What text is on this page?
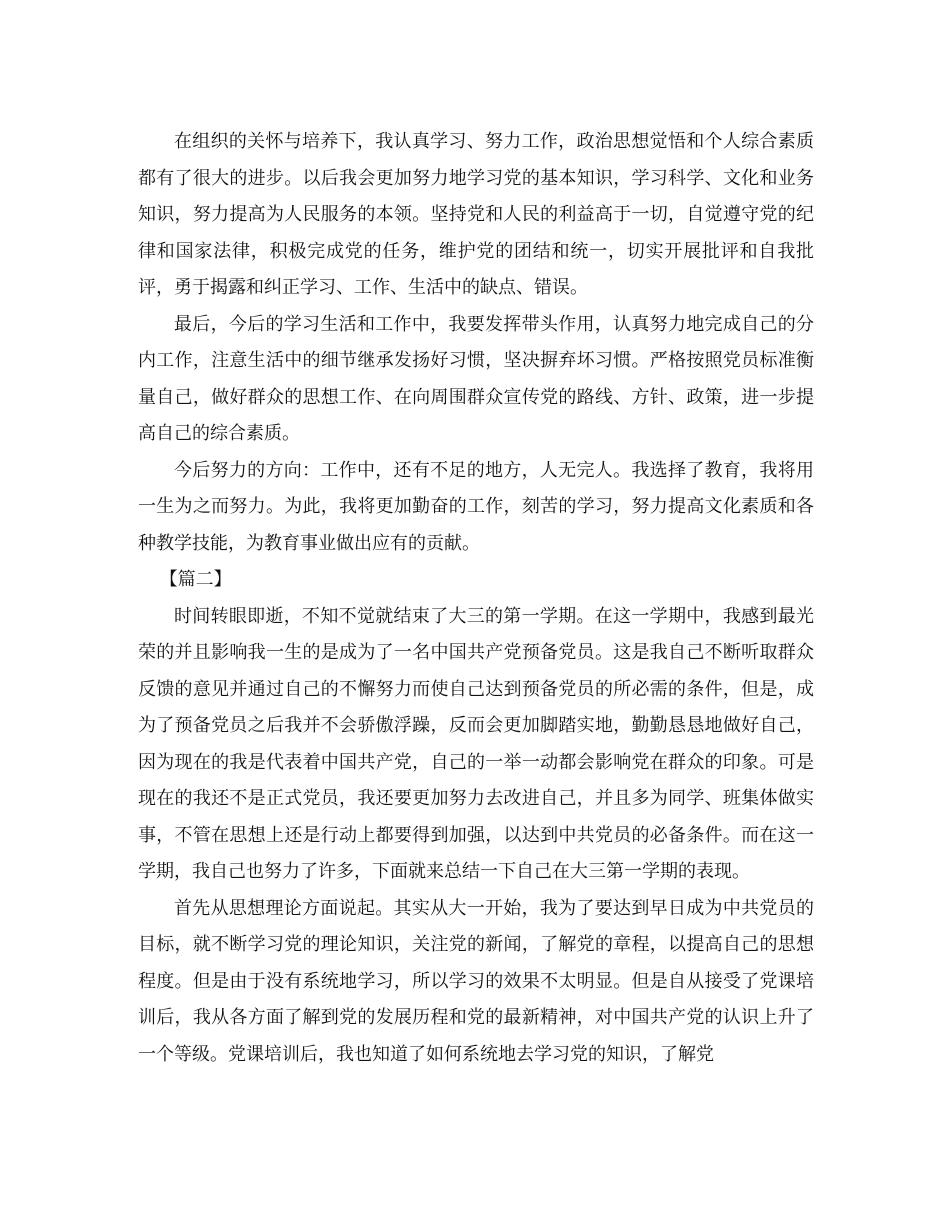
在组织的关怀与培养下，我认真学习、努力工作，政治思想觉悟和个人综合素质都有了很大的进步。以后我会更加努力地学习党的基本知识，学习科学、文化和业务知识，努力提高为人民服务的本领。坚持党和人民的利益高于一切，自觉遵守党的纪律和国家法律，积极完成党的任务，维护党的团结和统一，切实开展批评和自我批评，勇于揭露和纠正学习、工作、生活中的缺点、错误。

最后，今后的学习生活和工作中，我要发挥带头作用，认真努力地完成自己的分内工作，注意生活中的细节继承发扬好习惯，坚决摒弃坏习惯。严格按照党员标准衡量自己，做好群众的思想工作、在向周围群众宣传党的路线、方针、政策，进一步提高自己的综合素质。

今后努力的方向：工作中，还有不足的地方，人无完人。我选择了教育，我将用一生为之而努力。为此，我将更加勤奋的工作，刻苦的学习，努力提高文化素质和各种教学技能，为教育事业做出应有的贡献。

【篇二】

时间转眼即逝，不知不觉就结束了大三的第一学期。在这一学期中，我感到最光荣的并且影响我一生的是成为了一名中国共产党预备党员。这是我自己不断听取群众反馈的意见并通过自己的不懈努力而使自己达到预备党员的所必需的条件，但是，成为了预备党员之后我并不会骄傲浮躁，反而会更加脚踏实地，勤勤恳恳地做好自己，因为现在的我是代表着中国共产党，自己的一举一动都会影响党在群众的印象。可是现在的我还不是正式党员，我还要更加努力去改进自己，并且多为同学、班集体做实事，不管在思想上还是行动上都要得到加强，以达到中共党员的必备条件。而在这一学期，我自己也努力了许多，下面就来总结一下自己在大三第一学期的表现。

首先从思想理论方面说起。其实从大一开始，我为了要达到早日成为中共党员的目标，就不断学习党的理论知识，关注党的新闻，了解党的章程，以提高自己的思想程度。但是由于没有系统地学习，所以学习的效果不太明显。但是自从接受了党课培训后，我从各方面了解到党的发展历程和党的最新精神，对中国共产党的认识上升了一个等级。党课培训后，我也知道了如何系统地去学习党的知识，了解党
